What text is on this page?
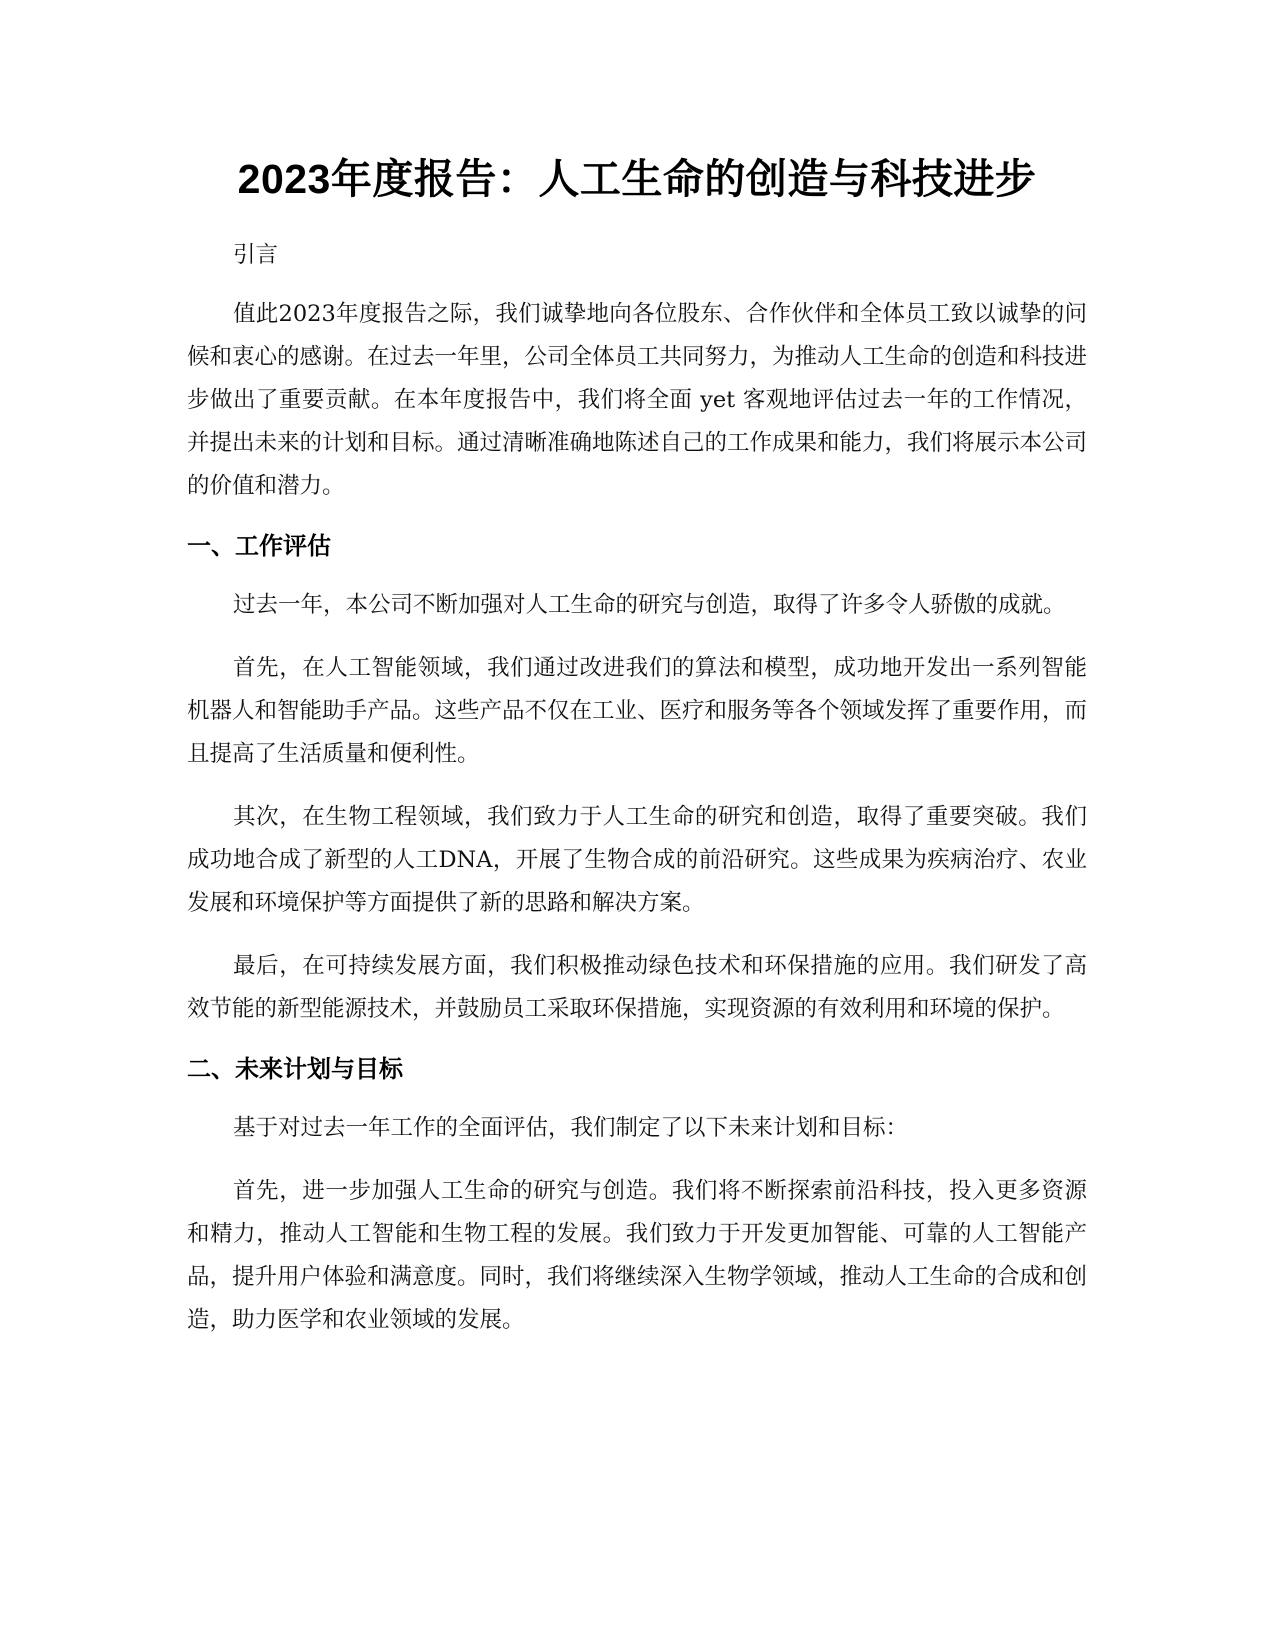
2023年度报告：人工生命的创造与科技进步

引言

值此2023年度报告之际，我们诚挚地向各位股东、合作伙伴和全体员工致以诚挚的问候和衷心的感谢。在过去一年里，公司全体员工共同努力，为推动人工生命的创造和科技进步做出了重要贡献。在本年度报告中，我们将全面 yet 客观地评估过去一年的工作情况，并提出未来的计划和目标。通过清晰准确地陈述自己的工作成果和能力，我们将展示本公司的价值和潜力。

一、工作评估

过去一年，本公司不断加强对人工生命的研究与创造，取得了许多令人骄傲的成就。

首先，在人工智能领域，我们通过改进我们的算法和模型，成功地开发出一系列智能机器人和智能助手产品。这些产品不仅在工业、医疗和服务等各个领域发挥了重要作用，而且提高了生活质量和便利性。

其次，在生物工程领域，我们致力于人工生命的研究和创造，取得了重要突破。我们成功地合成了新型的人工DNA，开展了生物合成的前沿研究。这些成果为疾病治疗、农业发展和环境保护等方面提供了新的思路和解决方案。

最后，在可持续发展方面，我们积极推动绿色技术和环保措施的应用。我们研发了高效节能的新型能源技术，并鼓励员工采取环保措施，实现资源的有效利用和环境的保护。

二、未来计划与目标

基于对过去一年工作的全面评估，我们制定了以下未来计划和目标：

首先，进一步加强人工生命的研究与创造。我们将不断探索前沿科技，投入更多资源和精力，推动人工智能和生物工程的发展。我们致力于开发更加智能、可靠的人工智能产品，提升用户体验和满意度。同时，我们将继续深入生物学领域，推动人工生命的合成和创造，助力医学和农业领域的发展。
